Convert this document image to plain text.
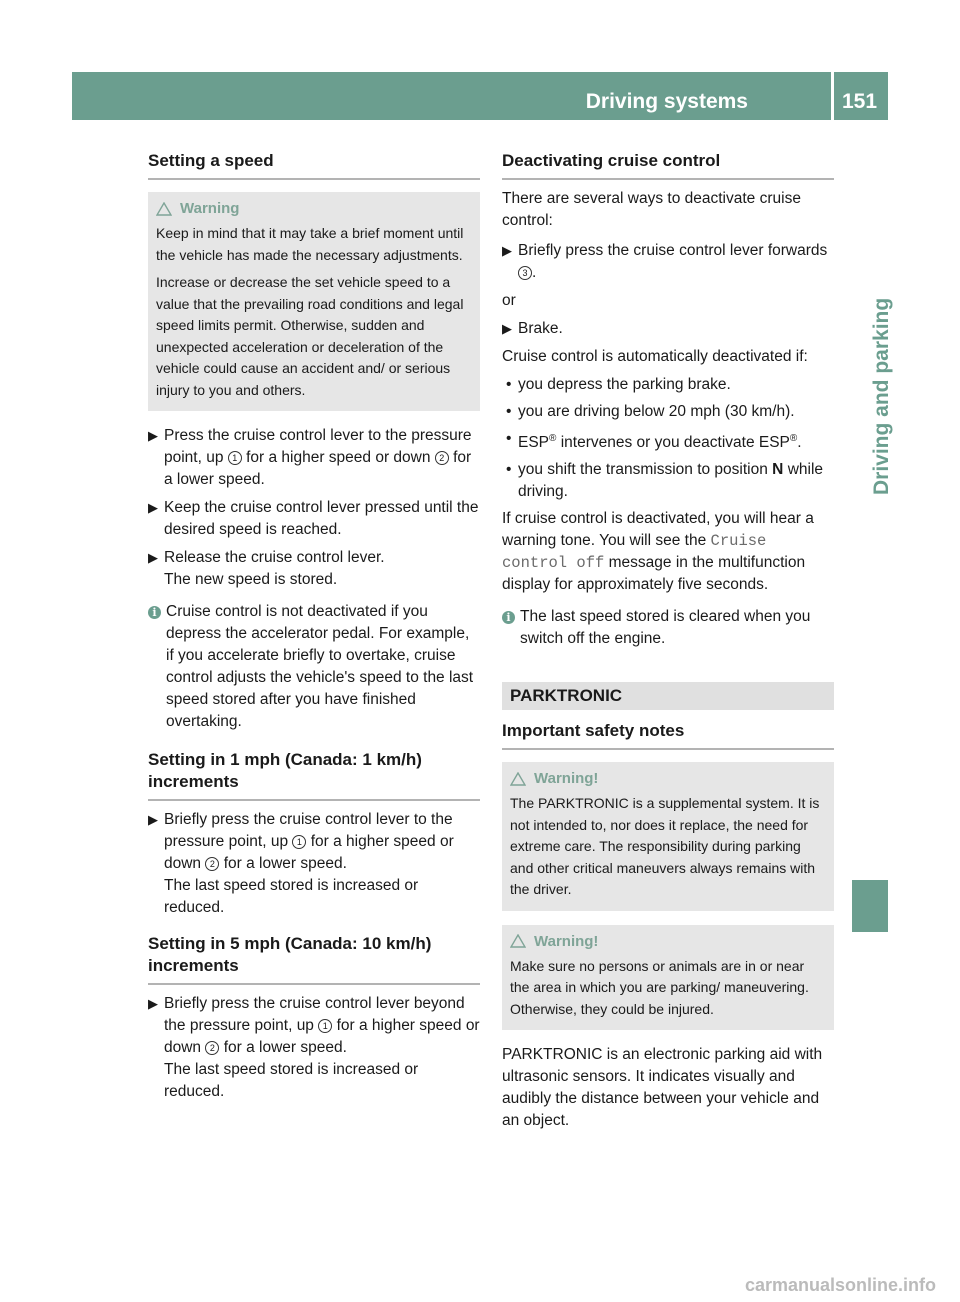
Driving systems	151
Driving and parking
Setting a speed
Warning

Keep in mind that it may take a brief moment until the vehicle has made the necessary adjustments.

Increase or decrease the set vehicle speed to a value that the prevailing road conditions and legal speed limits permit. Otherwise, sudden and unexpected acceleration or deceleration of the vehicle could cause an accident and/ or serious injury to you and others.

▶ Press the cruise control lever to the pressure point, up 1 for a higher speed or down 2 for a lower speed.
▶ Keep the cruise control lever pressed until the desired speed is reached.
▶ Release the cruise control lever.
The new speed is stored.
i Cruise control is not deactivated if you depress the accelerator pedal. For example, if you accelerate briefly to overtake, cruise control adjusts the vehicle's speed to the last speed stored after you have finished overtaking.
Setting in 1 mph (Canada: 1 km/h) increments
▶ Briefly press the cruise control lever to the pressure point, up 1 for a higher speed or down 2 for a lower speed.
The last speed stored is increased or reduced.
Setting in 5 mph (Canada: 10 km/h) increments
▶ Briefly press the cruise control lever beyond the pressure point, up 1 for a higher speed or down 2 for a lower speed.
The last speed stored is increased or reduced.
Deactivating cruise control

There are several ways to deactivate cruise control:

▶ Briefly press the cruise control lever forwards 3 .

or

▶ Brake.

Cruise control is automatically deactivated if:

• you depress the parking brake.
• you are driving below 20 mph (30 km/h).
• ESP® intervenes or you deactivate ESP®.
• you shift the transmission to position N while driving.

If cruise control is deactivated, you will hear a warning tone. You will see the Cruise control off message in the multifunction display for approximately five seconds.

i The last speed stored is cleared when you switch off the engine.
PARKTRONIC
Important safety notes
Warning!

The PARKTRONIC is a supplemental system. It is not intended to, nor does it replace, the need for extreme care. The responsibility during parking and other critical maneuvers always remains with the driver.

Warning!

Make sure no persons or animals are in or near the area in which you are parking/ maneuvering. Otherwise, they could be injured.

PARKTRONIC is an electronic parking aid with ultrasonic sensors. It indicates visually and audibly the distance between your vehicle and an object.

carmanualsonline.info
